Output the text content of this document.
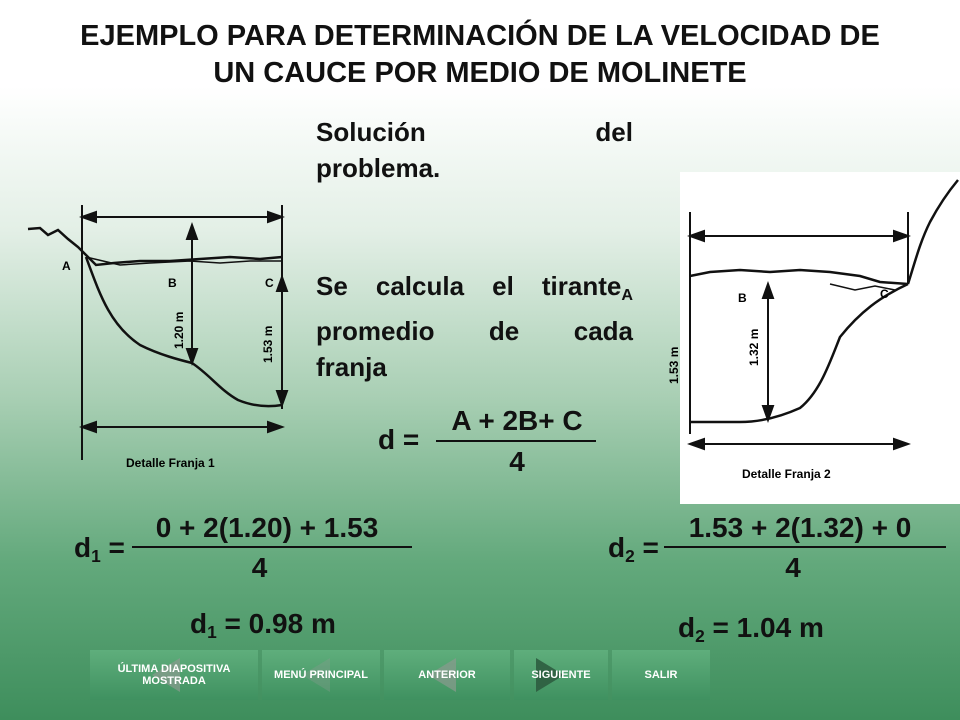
EJEMPLO PARA DETERMINACIÓN DE LA VELOCIDAD DE
UN CAUCE POR MEDIO DE MOLINETE
Solución	del
problema.
Se calcula el tirante$_A$
promedio de cada
franja
d =
A + 2B+ C
4
A
B	C
1.20 m	1.53 m
Detalle Franja 1
B	C
1.53 m	1.32 m
Detalle Franja 2
$d_1$ =
0 + 2(1.20) + 1.53
4
$d_1 = 0.98$ m
$d_2$ =
1.53 + 2(1.32) + 0
4
$d_2 = 1.04$ m
ÚLTIMA DIAPOSITIVA MOSTRADA	MENÚ PRINCIPAL	ANTERIOR	SIGUIENTE	SALIR
